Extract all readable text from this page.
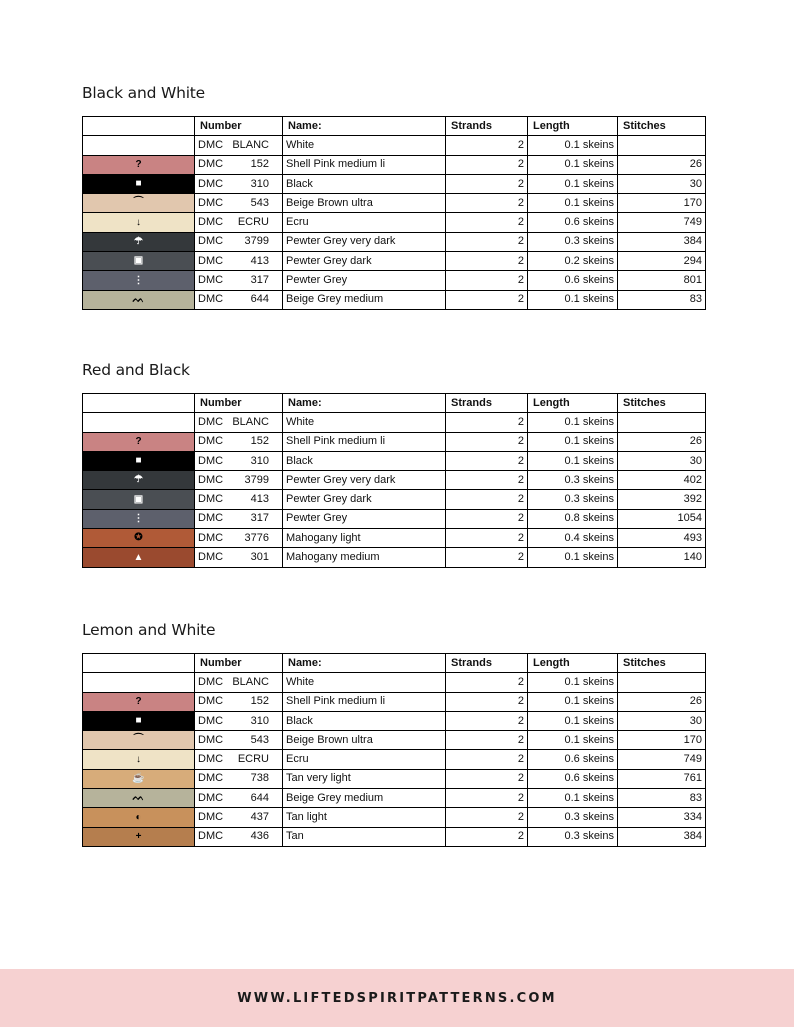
Black and White
	Number	Name:	Strands	Length	Stitches
	DMC BLANC	White	2	0.1 skeins	
?	DMC 152	Shell Pink medium li	2	0.1 skeins	26
■	DMC 310	Black	2	0.1 skeins	30
⌒	DMC 543	Beige Brown ultra	2	0.1 skeins	170
↓	DMC ECRU	Ecru	2	0.6 skeins	749
☂	DMC 3799	Pewter Grey very dark	2	0.3 skeins	384
▣	DMC 413	Pewter Grey dark	2	0.2 skeins	294
⋮	DMC 317	Pewter Grey	2	0.6 skeins	801
ᨓ	DMC 644	Beige Grey medium	2	0.1 skeins	83
Red and Black
	Number	Name:	Strands	Length	Stitches
	DMC BLANC	White	2	0.1 skeins	
?	DMC 152	Shell Pink medium li	2	0.1 skeins	26
■	DMC 310	Black	2	0.1 skeins	30
☂	DMC 3799	Pewter Grey very dark	2	0.3 skeins	402
▣	DMC 413	Pewter Grey dark	2	0.3 skeins	392
⋮	DMC 317	Pewter Grey	2	0.8 skeins	1054
✪	DMC 3776	Mahogany light	2	0.4 skeins	493
▲	DMC 301	Mahogany medium	2	0.1 skeins	140
Lemon and White
	Number	Name:	Strands	Length	Stitches
	DMC BLANC	White	2	0.1 skeins	
?	DMC 152	Shell Pink medium li	2	0.1 skeins	26
■	DMC 310	Black	2	0.1 skeins	30
⌒	DMC 543	Beige Brown ultra	2	0.1 skeins	170
↓	DMC ECRU	Ecru	2	0.6 skeins	749
☕	DMC 738	Tan very light	2	0.6 skeins	761
ᨓ	DMC 644	Beige Grey medium	2	0.1 skeins	83
◐	DMC 437	Tan light	2	0.3 skeins	334
+	DMC 436	Tan	2	0.3 skeins	384
WWW.LIFTEDSPIRITPATTERNS.COM
